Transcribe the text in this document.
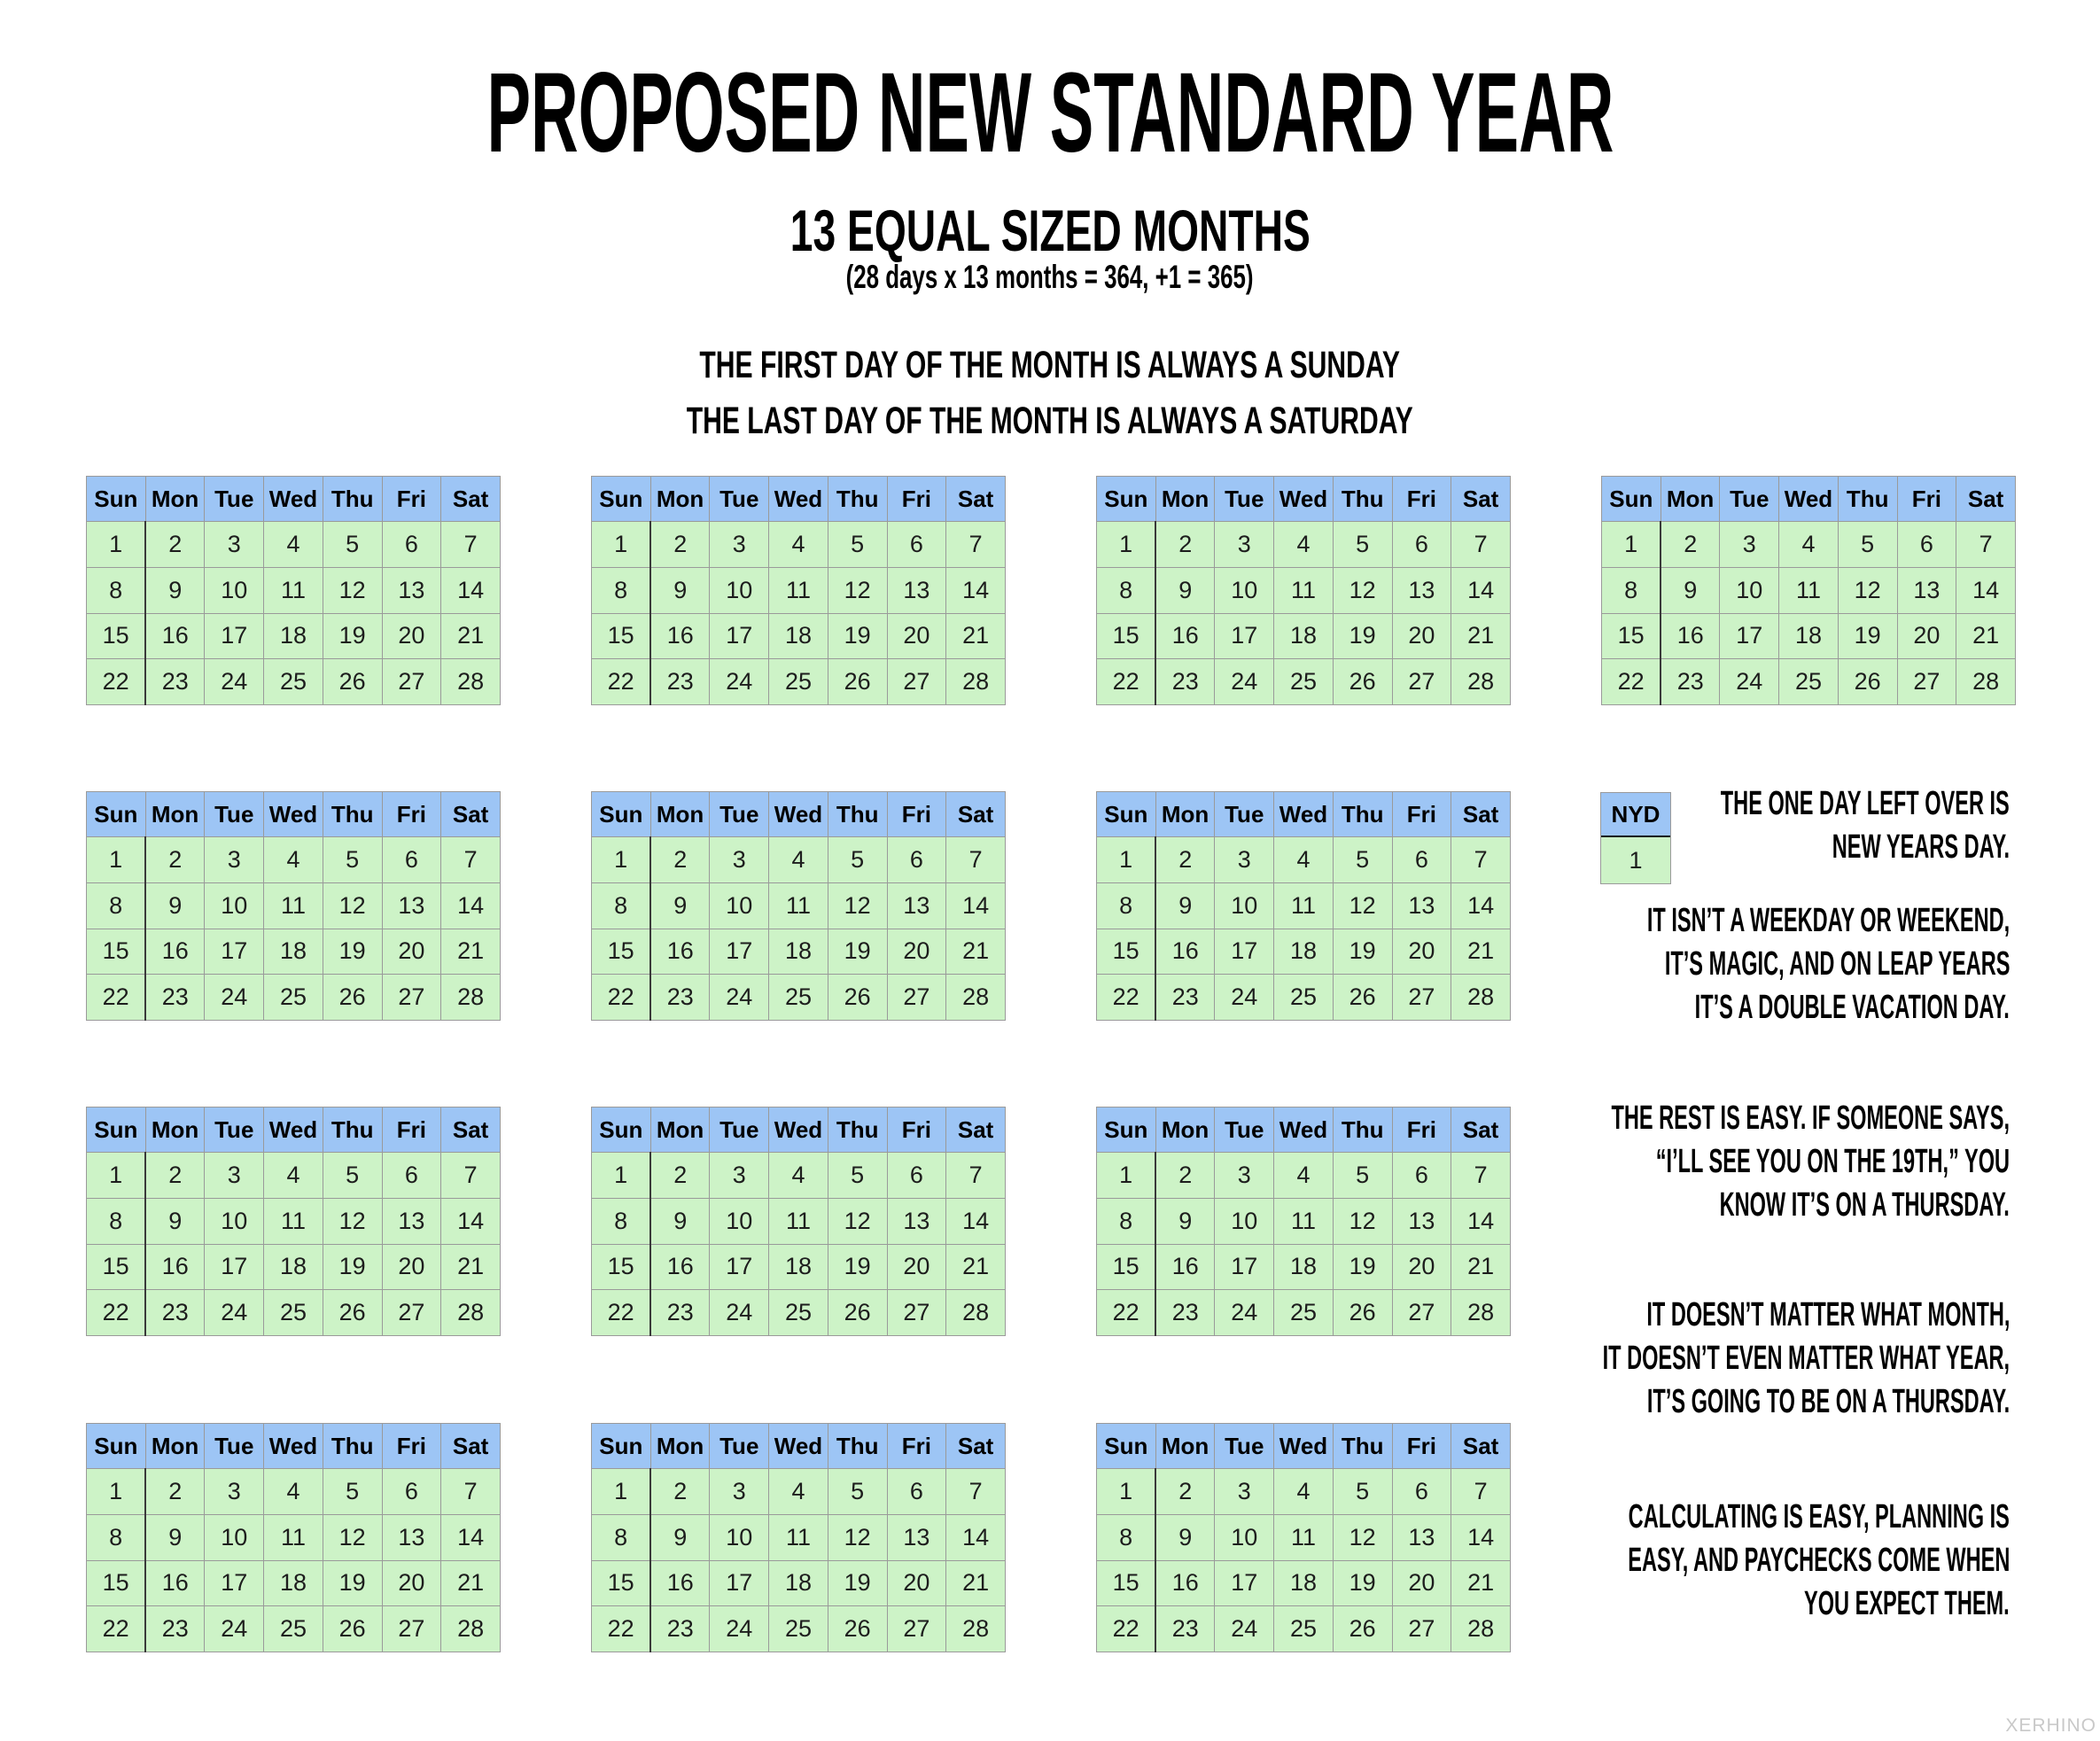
PROPOSED NEW STANDARD YEAR
13 EQUAL SIZED MONTHS
(28 days x 13 months = 364, +1 = 365)
THE FIRST DAY OF THE MONTH IS ALWAYS A SUNDAY
THE LAST DAY OF THE MONTH IS ALWAYS A SATURDAY
Sun	Mon	Tue	Wed	Thu	Fri	Sat
1	2	3	4	5	6	7
8	9	10	11	12	13	14
15	16	17	18	19	20	21
22	23	24	25	26	27	28
Sun	Mon	Tue	Wed	Thu	Fri	Sat
1	2	3	4	5	6	7
8	9	10	11	12	13	14
15	16	17	18	19	20	21
22	23	24	25	26	27	28
Sun	Mon	Tue	Wed	Thu	Fri	Sat
1	2	3	4	5	6	7
8	9	10	11	12	13	14
15	16	17	18	19	20	21
22	23	24	25	26	27	28
Sun	Mon	Tue	Wed	Thu	Fri	Sat
1	2	3	4	5	6	7
8	9	10	11	12	13	14
15	16	17	18	19	20	21
22	23	24	25	26	27	28
Sun	Mon	Tue	Wed	Thu	Fri	Sat
1	2	3	4	5	6	7
8	9	10	11	12	13	14
15	16	17	18	19	20	21
22	23	24	25	26	27	28
Sun	Mon	Tue	Wed	Thu	Fri	Sat
1	2	3	4	5	6	7
8	9	10	11	12	13	14
15	16	17	18	19	20	21
22	23	24	25	26	27	28
Sun	Mon	Tue	Wed	Thu	Fri	Sat
1	2	3	4	5	6	7
8	9	10	11	12	13	14
15	16	17	18	19	20	21
22	23	24	25	26	27	28
Sun	Mon	Tue	Wed	Thu	Fri	Sat
1	2	3	4	5	6	7
8	9	10	11	12	13	14
15	16	17	18	19	20	21
22	23	24	25	26	27	28
Sun	Mon	Tue	Wed	Thu	Fri	Sat
1	2	3	4	5	6	7
8	9	10	11	12	13	14
15	16	17	18	19	20	21
22	23	24	25	26	27	28
Sun	Mon	Tue	Wed	Thu	Fri	Sat
1	2	3	4	5	6	7
8	9	10	11	12	13	14
15	16	17	18	19	20	21
22	23	24	25	26	27	28
Sun	Mon	Tue	Wed	Thu	Fri	Sat
1	2	3	4	5	6	7
8	9	10	11	12	13	14
15	16	17	18	19	20	21
22	23	24	25	26	27	28
Sun	Mon	Tue	Wed	Thu	Fri	Sat
1	2	3	4	5	6	7
8	9	10	11	12	13	14
15	16	17	18	19	20	21
22	23	24	25	26	27	28
Sun	Mon	Tue	Wed	Thu	Fri	Sat
1	2	3	4	5	6	7
8	9	10	11	12	13	14
15	16	17	18	19	20	21
22	23	24	25	26	27	28
NYD
1
THE ONE DAY LEFT OVER IS
NEW YEARS DAY.
IT ISN’T A WEEKDAY OR WEEKEND,
IT’S MAGIC, AND ON LEAP YEARS
IT’S A DOUBLE VACATION DAY.
THE REST IS EASY. IF SOMEONE SAYS,
“I’LL SEE YOU ON THE 19TH,” YOU
KNOW IT’S ON A THURSDAY.
IT DOESN’T MATTER WHAT MONTH,
IT DOESN’T EVEN MATTER WHAT YEAR,
IT’S GOING TO BE ON A THURSDAY.
CALCULATING IS EASY, PLANNING IS
EASY, AND PAYCHECKS COME WHEN
YOU EXPECT THEM.
XERHINO
